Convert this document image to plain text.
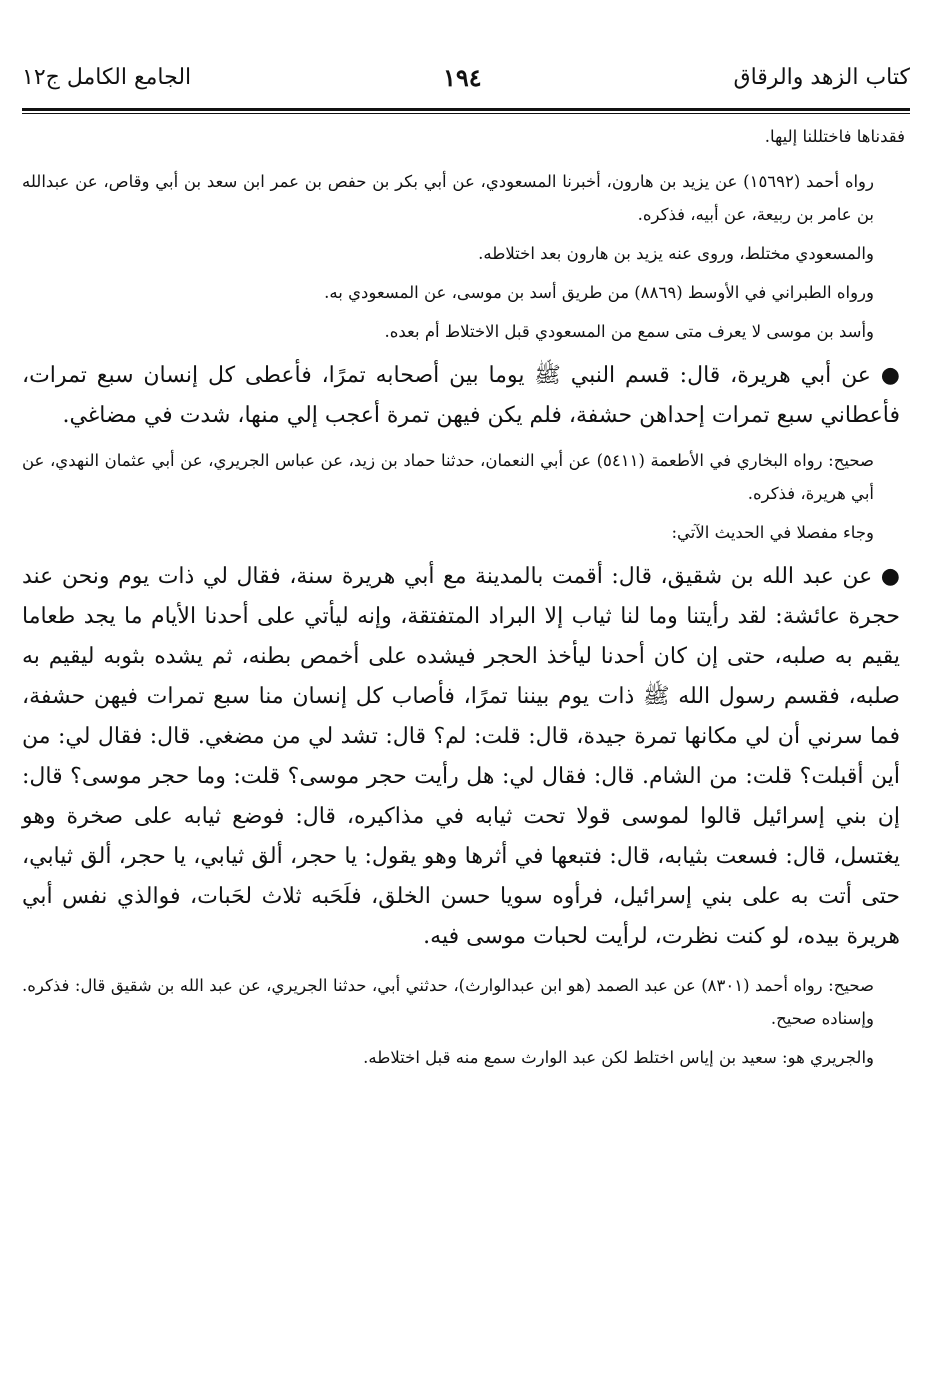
كتاب الزهد والرقاق
١٩٤
الجامع الكامل ج١٢

فقدناها فاختللنا إليها.

رواه أحمد (١٥٦٩٢) عن يزيد بن هارون، أخبرنا المسعودي، عن أبي بكر بن حفص بن عمر ابن سعد بن أبي وقاص، عن عبدالله بن عامر بن ربيعة، عن أبيه، فذكره.

والمسعودي مختلط، وروى عنه يزيد بن هارون بعد اختلاطه.

ورواه الطبراني في الأوسط (٨٨٦٩) من طريق أسد بن موسى، عن المسعودي به.

وأسد بن موسى لا يعرف متى سمع من المسعودي قبل الاختلاط أم بعده.

● عن أبي هريرة، قال: قسم النبي ﷺ يوما بين أصحابه تمرًا، فأعطى كل إنسان سبع تمرات، فأعطاني سبع تمرات إحداهن حشفة، فلم يكن فيهن تمرة أعجب إلي منها، شدت في مضاغي.

صحيح: رواه البخاري في الأطعمة (٥٤١١) عن أبي النعمان، حدثنا حماد بن زيد، عن عباس الجريري، عن أبي عثمان النهدي، عن أبي هريرة، فذكره.

وجاء مفصلا في الحديث الآتي:

● عن عبد الله بن شقيق، قال: أقمت بالمدينة مع أبي هريرة سنة، فقال لي ذات يوم ونحن عند حجرة عائشة: لقد رأيتنا وما لنا ثياب إلا البراد المتفتقة، وإنه ليأتي على أحدنا الأيام ما يجد طعاما يقيم به صلبه، حتى إن كان أحدنا ليأخذ الحجر فيشده على أخمص بطنه، ثم يشده بثوبه ليقيم به صلبه، فقسم رسول الله ﷺ ذات يوم بيننا تمرًا، فأصاب كل إنسان منا سبع تمرات فيهن حشفة، فما سرني أن لي مكانها تمرة جيدة، قال: قلت: لم؟ قال: تشد لي من مضغي. قال: فقال لي: من أين أقبلت؟ قلت: من الشام. قال: فقال لي: هل رأيت حجر موسى؟ قلت: وما حجر موسى؟ قال: إن بني إسرائيل قالوا لموسى قولا تحت ثيابه في مذاكيره، قال: فوضع ثيابه على صخرة وهو يغتسل، قال: فسعت بثيابه، قال: فتبعها في أثرها وهو يقول: يا حجر، ألق ثيابي، يا حجر، ألق ثيابي، حتى أتت به على بني إسرائيل، فرأوه سويا حسن الخلق، فلَحَبه ثلاث لحَبات، فوالذي نفس أبي هريرة بيده، لو كنت نظرت، لرأيت لحبات موسى فيه.

صحيح: رواه أحمد (٨٣٠١) عن عبد الصمد (هو ابن عبدالوارث)، حدثني أبي، حدثنا الجريري، عن عبد الله بن شقيق قال: فذكره. وإسناده صحيح.

والجريري هو: سعيد بن إياس اختلط لكن عبد الوارث سمع منه قبل اختلاطه.
